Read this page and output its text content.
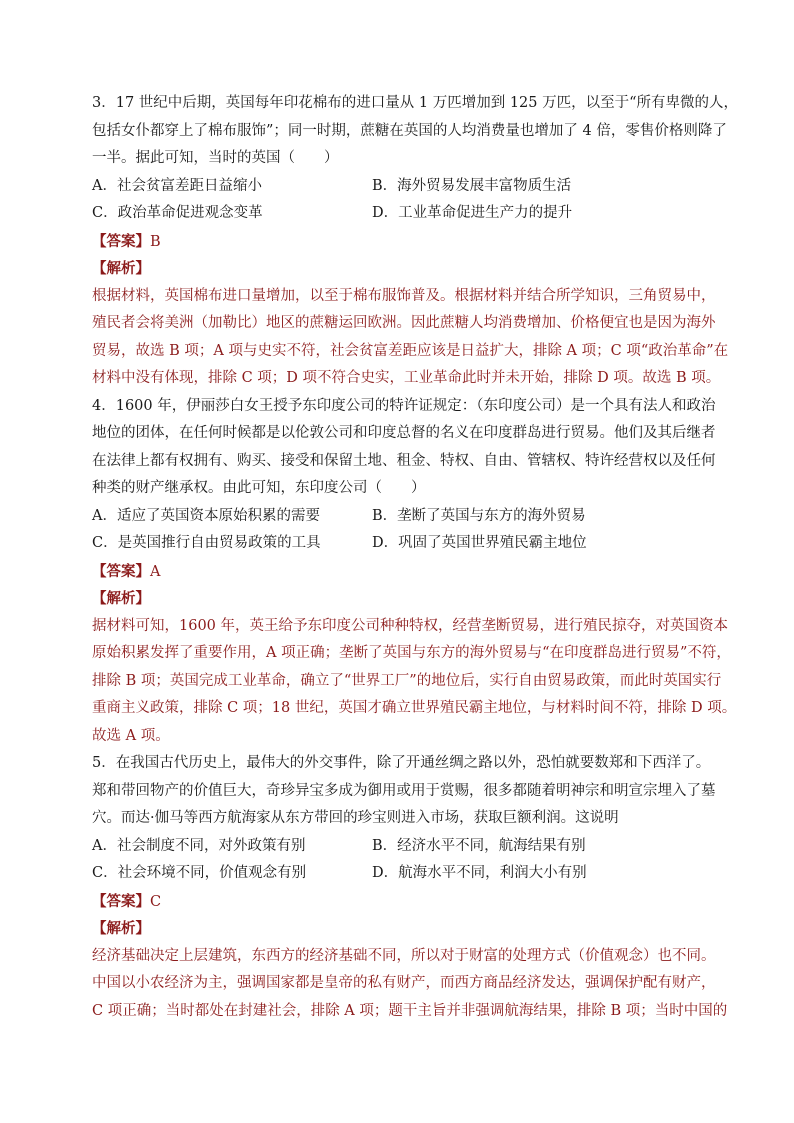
3．17 世纪中后期，英国每年印花棉布的进口量从 1 万匹增加到 125 万匹，以至于“所有卑微的人，
包括女仆都穿上了棉布服饰”；同一时期，蔗糖在英国的人均消费量也增加了 4 倍，零售价格则降了
一半。据此可知，当时的英国（　　）
A．社会贫富差距日益缩小	B．海外贸易发展丰富物质生活
C．政治革命促进观念变革	D．工业革命促进生产力的提升
【答案】B
【解析】
根据材料，英国棉布进口量增加，以至于棉布服饰普及。根据材料并结合所学知识，三角贸易中，
殖民者会将美洲（加勒比）地区的蔗糖运回欧洲。因此蔗糖人均消费增加、价格便宜也是因为海外
贸易，故选 B 项；A 项与史实不符，社会贫富差距应该是日益扩大，排除 A 项；C 项“政治革命”在
材料中没有体现，排除 C 项；D 项不符合史实，工业革命此时并未开始，排除 D 项。故选 B 项。
4．1600 年，伊丽莎白女王授予东印度公司的特许证规定：（东印度公司）是一个具有法人和政治
地位的团体，在任何时候都是以伦敦公司和印度总督的名义在印度群岛进行贸易。他们及其后继者
在法律上都有权拥有、购买、接受和保留土地、租金、特权、自由、管辖权、特许经营权以及任何
种类的财产继承权。由此可知，东印度公司（　　）
A．适应了英国资本原始积累的需要	B．垄断了英国与东方的海外贸易
C．是英国推行自由贸易政策的工具	D．巩固了英国世界殖民霸主地位
【答案】A
【解析】
据材料可知，1600 年，英王给予东印度公司种种特权，经营垄断贸易，进行殖民掠夺，对英国资本
原始积累发挥了重要作用，A 项正确；垄断了英国与东方的海外贸易与“在印度群岛进行贸易”不符，
排除 B 项；英国完成工业革命，确立了“世界工厂”的地位后，实行自由贸易政策，而此时英国实行
重商主义政策，排除 C 项；18 世纪，英国才确立世界殖民霸主地位，与材料时间不符，排除 D 项。
故选 A 项。
5．在我国古代历史上，最伟大的外交事件，除了开通丝绸之路以外，恐怕就要数郑和下西洋了。
郑和带回物产的价值巨大，奇珍异宝多成为御用或用于赏赐，很多都随着明神宗和明宣宗埋入了墓
穴。而达·伽马等西方航海家从东方带回的珍宝则进入市场，获取巨额利润。这说明
A．社会制度不同，对外政策有别	B．经济水平不同，航海结果有别
C．社会环境不同，价值观念有别	D．航海水平不同，利润大小有别
【答案】C
【解析】
经济基础决定上层建筑，东西方的经济基础不同，所以对于财富的处理方式（价值观念）也不同。
中国以小农经济为主，强调国家都是皇帝的私有财产，而西方商品经济发达，强调保护配有财产，
C 项正确；当时都处在封建社会，排除 A 项；题干主旨并非强调航海结果，排除 B 项；当时中国的
